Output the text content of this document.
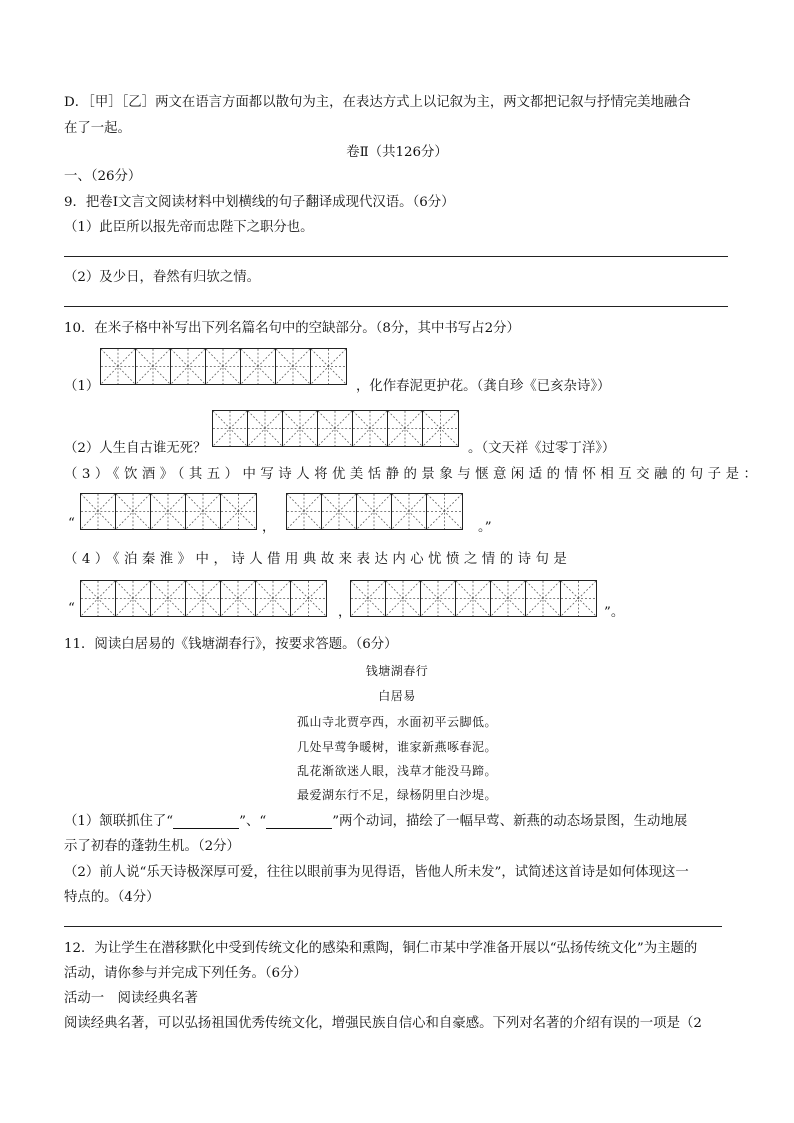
D．［甲］［乙］两文在语言方面都以散句为主，在表达方式上以记叙为主，两文都把记叙与抒情完美地融合
在了一起。
卷Ⅱ（共126分）
一、（26分）
9．把卷Ⅰ文言文阅读材料中划横线的句子翻译成现代汉语。（6分）
（1）此臣所以报先帝而忠陛下之职分也。
（2）及少日，眷然有归欤之情。
10．在米子格中补写出下列名篇名句中的空缺部分。（8分，其中书写占2分）
（1）	，化作春泥更护花。（龚自珍《已亥杂诗》）
（2）人生自古谁无死？	。（文天祥《过零丁洋》）
（3）《饮酒》（其五）中写诗人将优美恬静的景象与惬意闲适的情怀相互交融的句子是：
“	，	。”
（4）《泊秦淮》中，诗人借用典故来表达内心忧愤之情的诗句是
“	，	”。
11．阅读白居易的《钱塘湖春行》，按要求答题。（6分）
钱塘湖春行
白居易
孤山寺北贾亭西，水面初平云脚低。
几处早莺争暖树，谁家新燕啄春泥。
乱花渐欲迷人眼，浅草才能没马蹄。
最爱湖东行不足，绿杨阴里白沙堤。
（1）颔联抓住了“	”、“	”两个动词，描绘了一幅早莺、新燕的动态场景图，生动地展
示了初春的蓬勃生机。（2分）
（2）前人说“乐天诗极深厚可爱，往往以眼前事为见得语，皆他人所未发”，试简述这首诗是如何体现这一
特点的。（4分）
12．为让学生在潜移默化中受到传统文化的感染和熏陶，铜仁市某中学准备开展以“弘扬传统文化”为主题的
活动，请你参与并完成下列任务。（6分）
活动一　阅读经典名著
阅读经典名著，可以弘扬祖国优秀传统文化，增强民族自信心和自豪感。下列对名著的介绍有误的一项是（2
